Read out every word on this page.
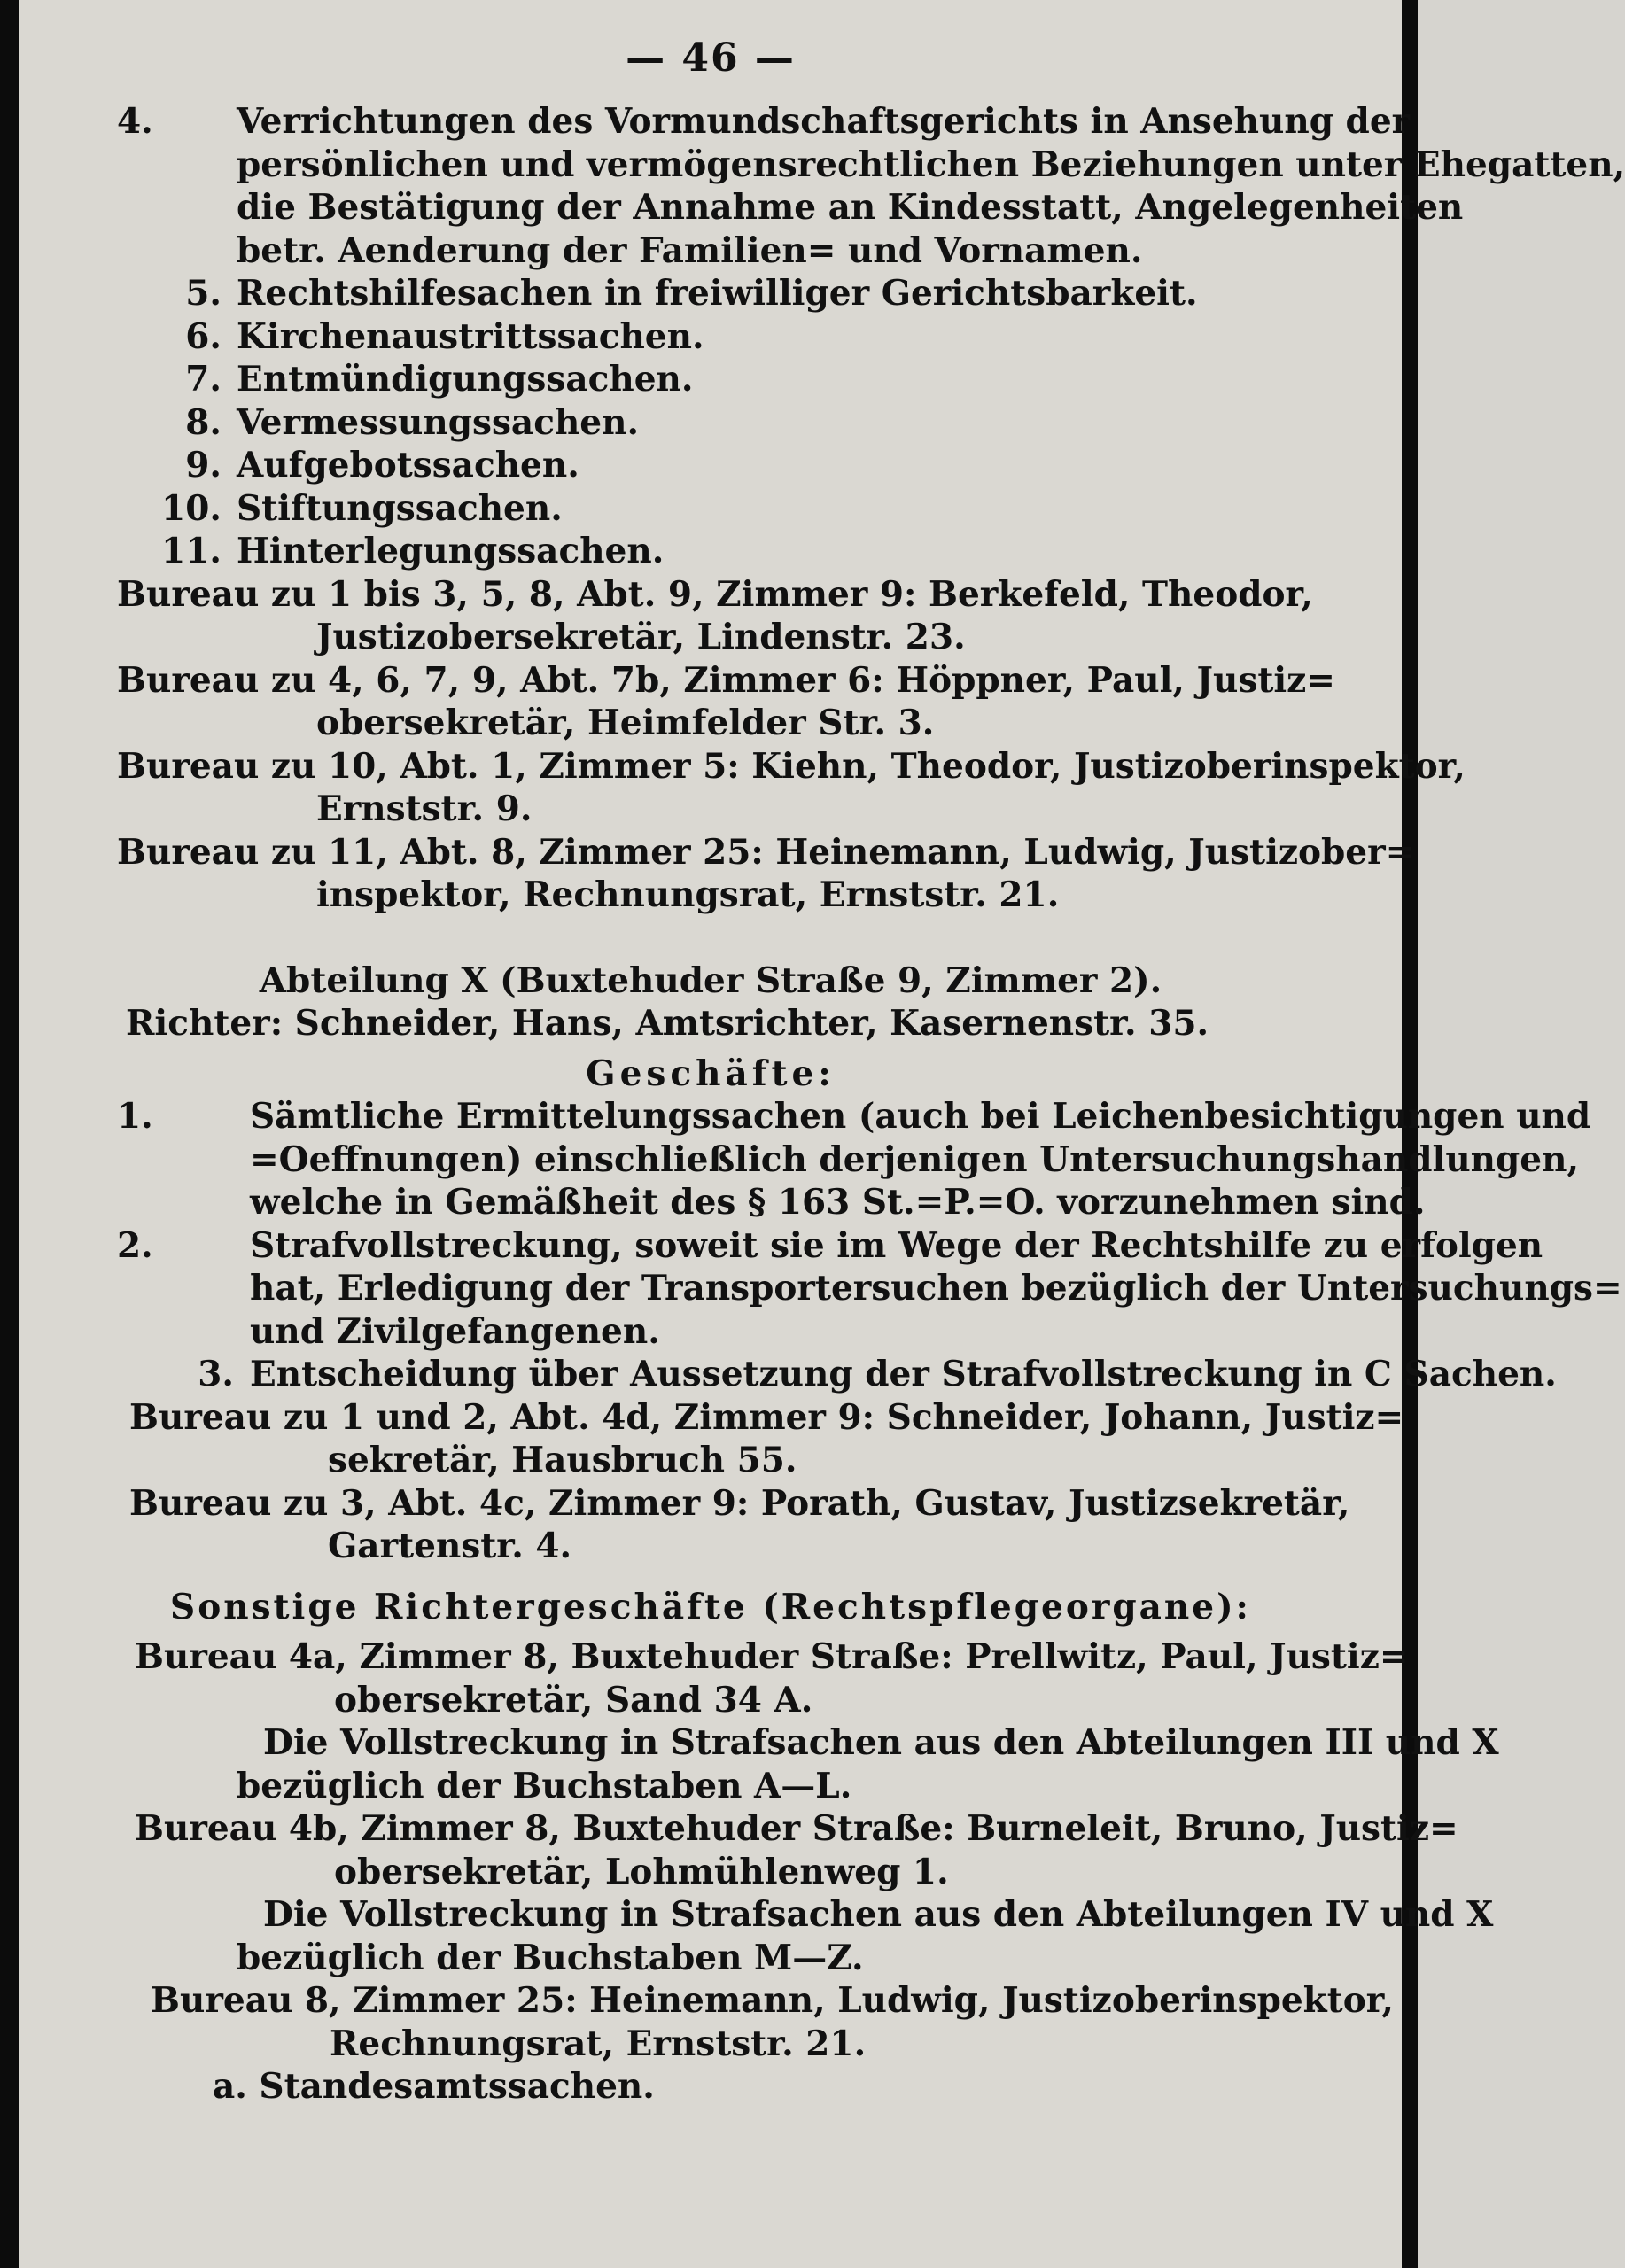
— 46 —
4.	Verrichtungen des Vormundschaftsgerichts in Ansehung der
persönlichen und vermögensrechtlichen Beziehungen unter Ehegatten,
die Bestätigung der Annahme an Kindesstatt, Angelegenheiten
betr. Aenderung der Familien= und Vornamen.
5. Rechtshilfesachen in freiwilliger Gerichtsbarkeit.
6. Kirchenaustrittssachen.
7. Entmündigungssachen.
8. Vermessungssachen.
9. Aufgebotssachen.
10. Stiftungssachen.
11. Hinterlegungssachen.
Bureau zu 1 bis 3, 5, 8, Abt. 9, Zimmer 9: Berkefeld, Theodor,
Justizobersekretär, Lindenstr. 23.
Bureau zu 4, 6, 7, 9, Abt. 7b, Zimmer 6: Höppner, Paul, Justiz=
obersekretär, Heimfelder Str. 3.
Bureau zu 10, Abt. 1, Zimmer 5: Kiehn, Theodor, Justizoberinspektor,
Ernststr. 9.
Bureau zu 11, Abt. 8, Zimmer 25: Heinemann, Ludwig, Justizober=
inspektor, Rechnungsrat, Ernststr. 21.
Abteilung X (Buxtehuder Straße 9, Zimmer 2).
Richter: Schneider, Hans, Amtsrichter, Kasernenstr. 35.
Geschäfte:
1.	Sämtliche Ermittelungssachen (auch bei Leichenbesichtigungen und
=Oeffnungen) einschließlich derjenigen Untersuchungshandlungen,
welche in Gemäßheit des § 163 St.=P.=O. vorzunehmen sind.
2.	Strafvollstreckung, soweit sie im Wege der Rechtshilfe zu erfolgen
hat, Erledigung der Transportersuchen bezüglich der Untersuchungs=
und Zivilgefangenen.
3. Entscheidung über Aussetzung der Strafvollstreckung in C Sachen.
Bureau zu 1 und 2, Abt. 4d, Zimmer 9: Schneider, Johann, Justiz=
sekretär, Hausbruch 55.
Bureau zu 3, Abt. 4c, Zimmer 9: Porath, Gustav, Justizsekretär,
Gartenstr. 4.
Sonstige Richtergeschäfte (Rechtspflegeorgane):
Bureau 4a, Zimmer 8, Buxtehuder Straße: Prellwitz, Paul, Justiz=
obersekretär, Sand 34 A.
Die Vollstreckung in Strafsachen aus den Abteilungen III und X
bezüglich der Buchstaben A—L.
Bureau 4b, Zimmer 8, Buxtehuder Straße: Burneleit, Bruno, Justiz=
obersekretär, Lohmühlenweg 1.
Die Vollstreckung in Strafsachen aus den Abteilungen IV und X
bezüglich der Buchstaben M—Z.
Bureau 8, Zimmer 25: Heinemann, Ludwig, Justizoberinspektor,
Rechnungsrat, Ernststr. 21.
a. Standesamtssachen.
